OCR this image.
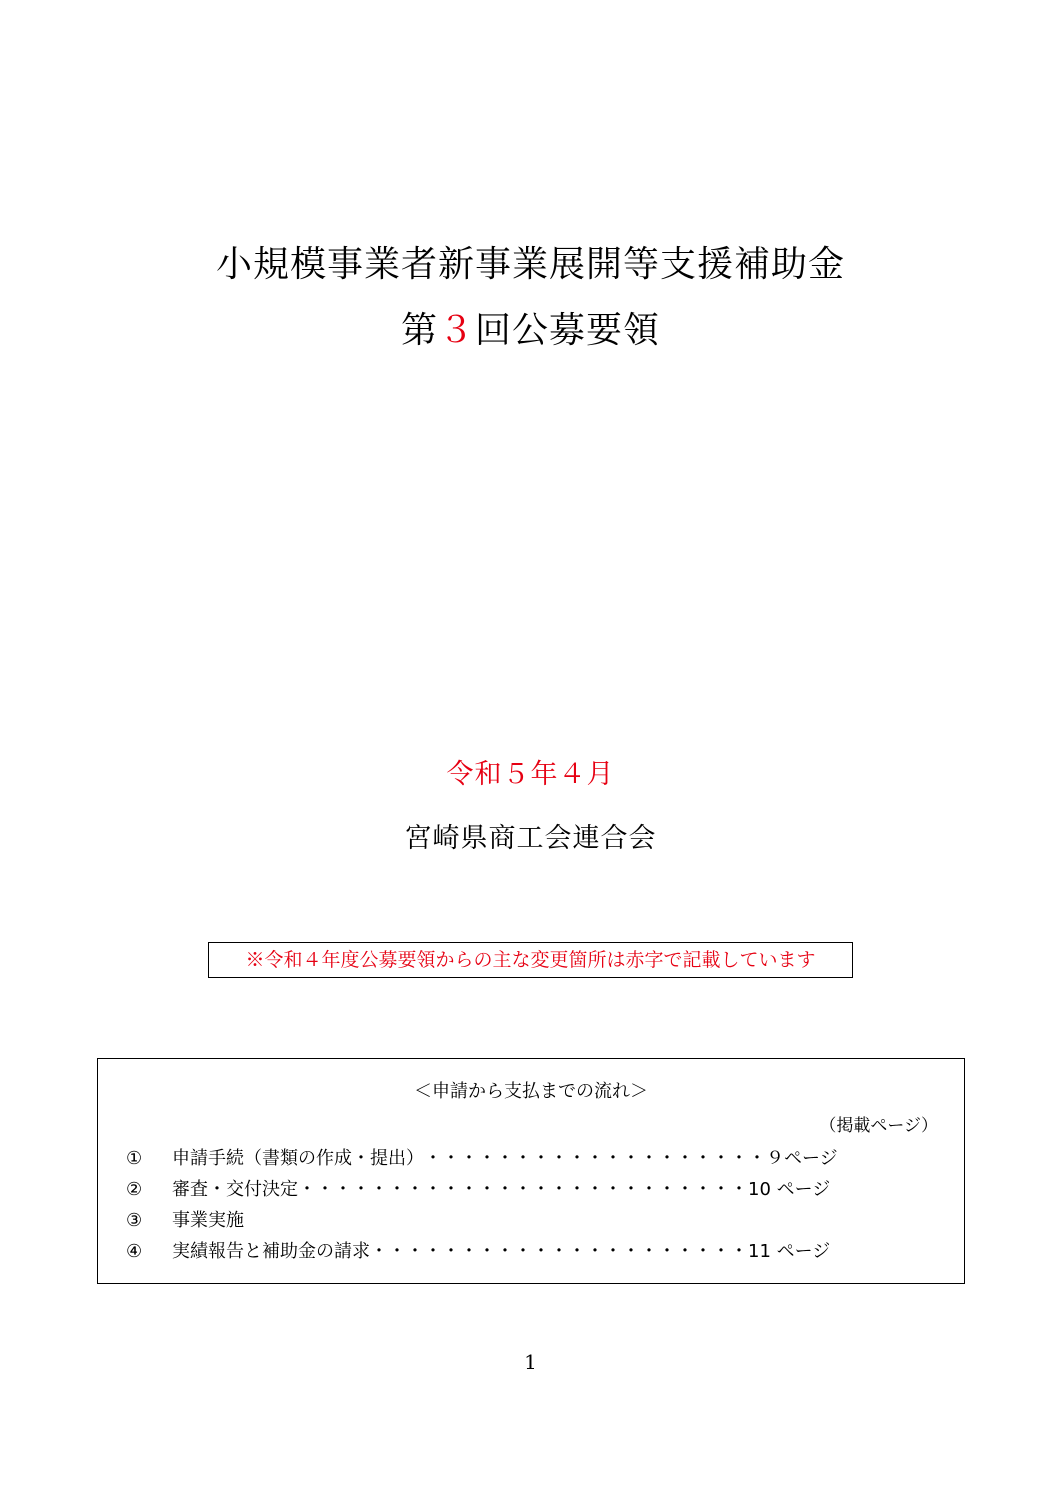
小規模事業者新事業展開等支援補助金
第３回公募要領
令和５年４月
宮崎県商工会連合会
※令和４年度公募要領からの主な変更箇所は赤字で記載しています
＜申請から支払までの流れ＞
（掲載ページ）
① 申請手続（書類の作成・提出）・・・・・・・・・・・・・・・・・・・９ページ
② 審査・交付決定・・・・・・・・・・・・・・・・・・・・・・・・・10 ページ
③ 事業実施
④ 実績報告と補助金の請求・・・・・・・・・・・・・・・・・・・・・11 ページ
1
